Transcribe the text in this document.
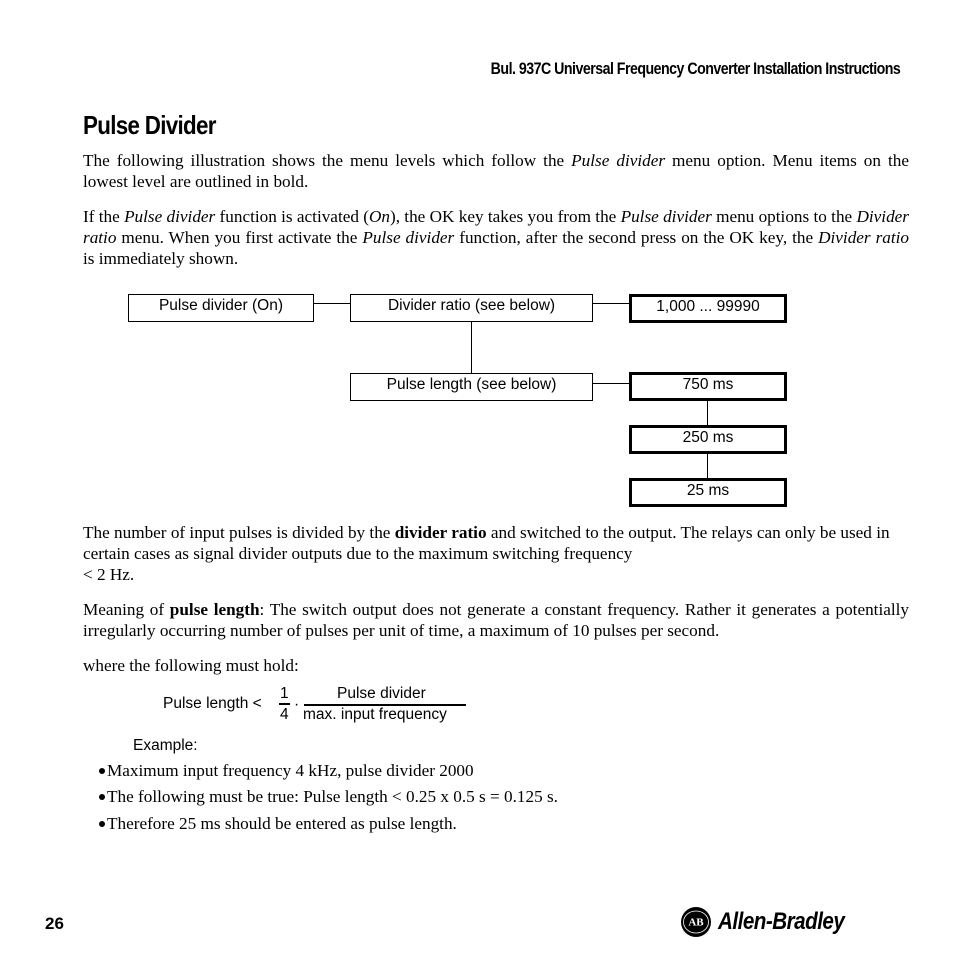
Bul. 937C Universal Frequency Converter Installation Instructions
Pulse Divider
The following illustration shows the menu levels which follow the Pulse divider menu option. Menu items on the lowest level are outlined in bold.
If the Pulse divider function is activated (On), the OK key takes you from the Pulse divider menu options to the Divider ratio menu. When you first activate the Pulse divider function, after the second press on the OK key, the Divider ratio is immediately shown.
Pulse divider (On)	Divider ratio (see below)	1,000 ... 99990
Pulse length (see below)	750 ms
250 ms
25 ms
The number of input pulses is divided by the divider ratio and switched to the output. The relays can only be used in certain cases as signal divider outputs due to the maximum switching frequency
< 2 Hz.
Meaning of pulse length: The switch output does not generate a constant frequency. Rather it generates a potentially irregularly occurring number of pulses per unit of time, a maximum of 10 pulses per second.
where the following must hold:
Pulse length <
1
4
·
Pulse divider
max. input frequency
Example:
Maximum input frequency 4 kHz, pulse divider 2000
The following must be true: Pulse length < 0.25 x 0.5 s = 0.125 s.
Therefore 25 ms should be entered as pulse length.
26	AB Allen-Bradley
